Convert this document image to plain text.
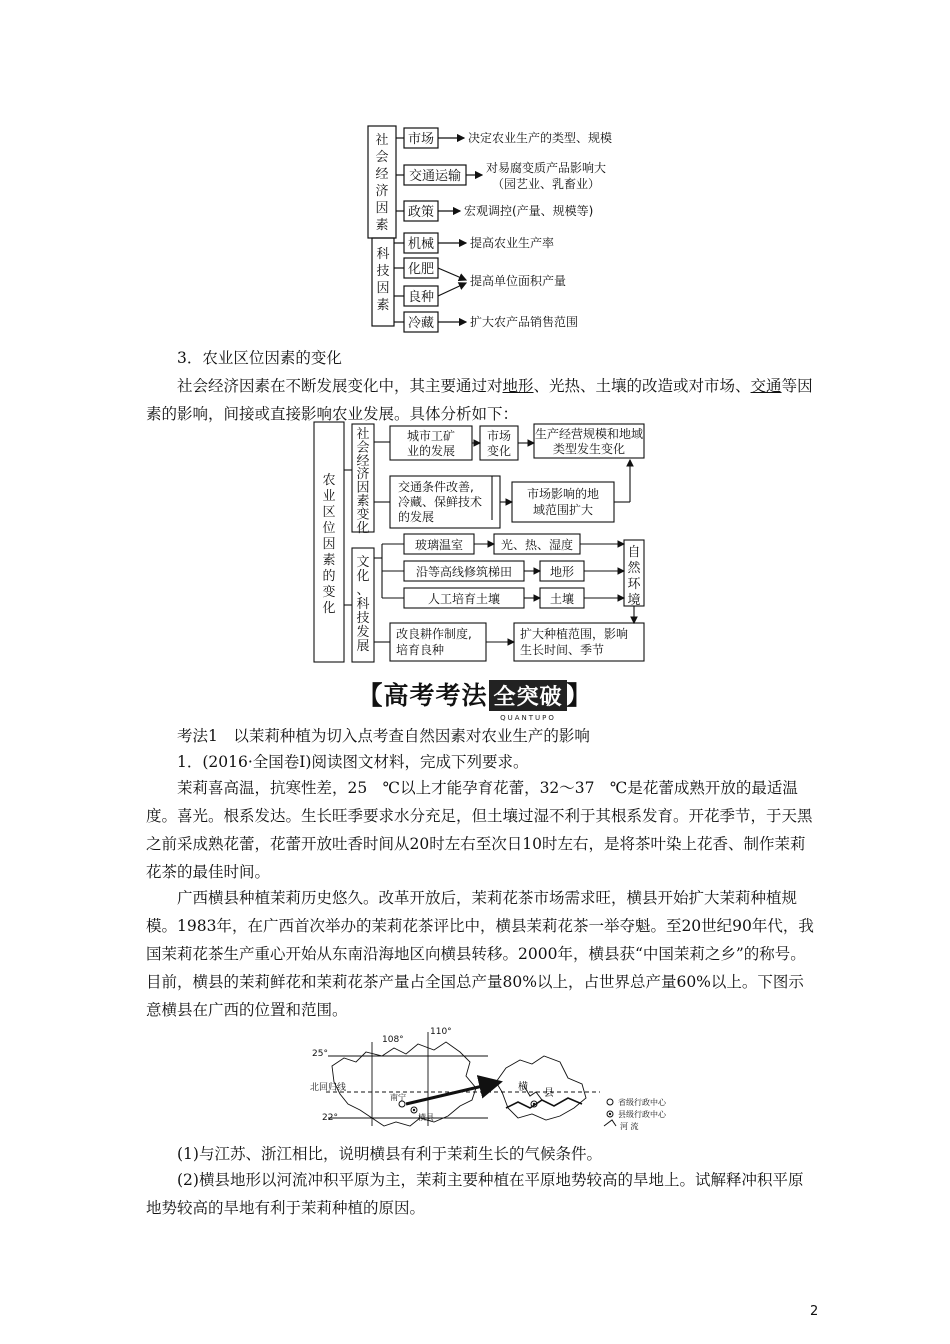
社会经济因素
科技因素
市场
交通运输
政策
机械
化肥
良种
冷藏
决定农业生产的类型、规模
对易腐变质产品影响大
（园艺业、乳畜业）
宏观调控(产量、规模等)
提高农业生产率
提高单位面积产量
扩大农产品销售范围
3．农业区位因素的变化
社会经济因素在不断发展变化中，其主要通过对地形、光热、土壤的改造或对市场、交通等因素的影响，间接或直接影响农业发展。具体分析如下：
农业区位因素的变化
社会经济因素变化
文化、科技发展
城市工矿
业的发展
市场
变化
生产经营规模和地域
类型发生变化
交通条件改善,
冷藏、保鲜技术
的发展
市场影响的地
域范围扩大
玻璃温室	光、热、湿度
沿等高线修筑梯田	地形
人工培育土壤	土壤
自然环境
改良耕作制度,
培育良种
扩大种植范围，影响
生长时间、季节
【高考考法 全突破
QUANTUPO
】
考法1　以茉莉种植为切入点考查自然因素对农业生产的影响
1．(2016·全国卷Ⅰ)阅读图文材料，完成下列要求。
茉莉喜高温，抗寒性差，25　℃以上才能孕育花蕾，32～37　℃是花蕾成熟开放的最适温度。喜光。根系发达。生长旺季要求水分充足，但土壤过湿不利于其根系发育。开花季节，于天黑之前采成熟花蕾，花蕾开放吐香时间从20时左右至次日10时左右，是将茶叶染上花香、制作茉莉花茶的最佳时间。
广西横县种植茉莉历史悠久。改革开放后，茉莉花茶市场需求旺，横县开始扩大茉莉种植规模。1983年，在广西首次举办的茉莉花茶评比中，横县茉莉花茶一举夺魁。至20世纪90年代，我国茉莉花茶生产重心开始从东南沿海地区向横县转移。2000年，横县获“中国茉莉之乡”的称号。目前，横县的茉莉鲜花和茉莉花茶产量占全国总产量80%以上，占世界总产量60%以上。下图示意横县在广西的位置和范围。
110°
108°
25°
22°
北回归线
南宁
横县
横
县
省级行政中心
县级行政中心
河 流
(1)与江苏、浙江相比，说明横县有利于茉莉生长的气候条件。
(2)横县地形以河流冲积平原为主，茉莉主要种植在平原地势较高的旱地上。试解释冲积平原地势较高的旱地有利于茉莉种植的原因。
2
